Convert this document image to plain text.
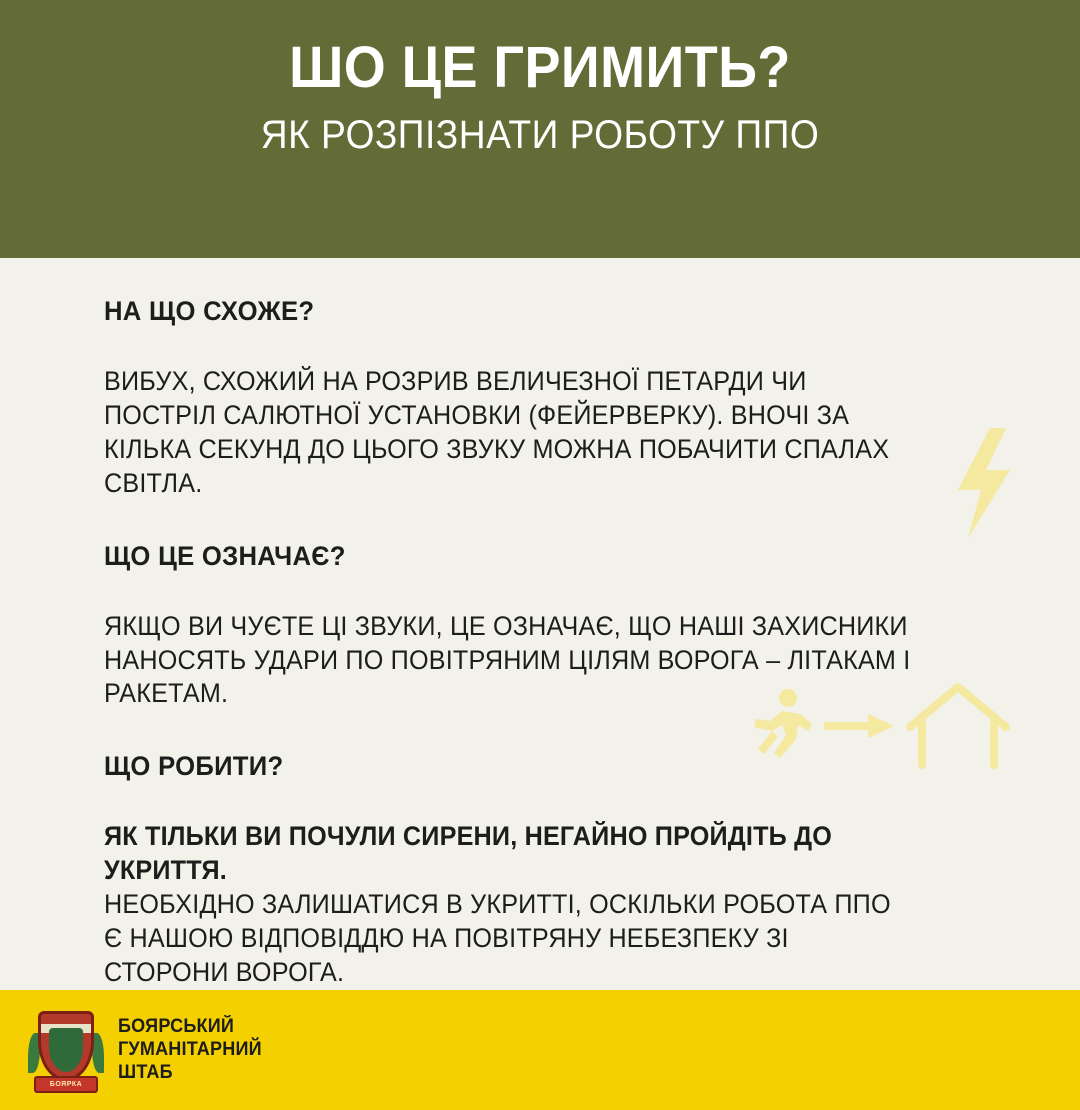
ШО ЦЕ ГРИМИТЬ?
ЯК РОЗПІЗНАТИ РОБОТУ ППО
НА ЩО СХОЖЕ?
ВИБУХ, СХОЖИЙ НА РОЗРИВ ВЕЛИЧЕЗНОЇ ПЕТАРДИ ЧИ ПОСТРІЛ САЛЮТНОЇ УСТАНОВКИ (ФЕЙЕРВЕРКУ). ВНОЧІ ЗА КІЛЬКА СЕКУНД ДО ЦЬОГО ЗВУКУ МОЖНА ПОБАЧИТИ СПАЛАХ СВІТЛА.
ЩО ЦЕ ОЗНАЧАЄ?
ЯКЩО ВИ ЧУЄТЕ ЦІ ЗВУКИ, ЦЕ ОЗНАЧАЄ, ЩО НАШІ ЗАХИСНИКИ НАНОСЯТЬ УДАРИ ПО ПОВІТРЯНИМ ЦІЛЯМ ВОРОГА – ЛІТАКАМ І РАКЕТАМ.
ЩО РОБИТИ?
ЯК ТІЛЬКИ ВИ ПОЧУЛИ СИРЕНИ, НЕГАЙНО ПРОЙДІТЬ ДО УКРИТТЯ.
НЕОБХІДНО ЗАЛИШАТИСЯ В УКРИТТІ, ОСКІЛЬКИ РОБОТА ППО Є НАШОЮ ВІДПОВІДДЮ НА ПОВІТРЯНУ НЕБЕЗПЕКУ ЗІ СТОРОНИ ВОРОГА.
БОЯРКА
БОЯРСЬКИЙ
ГУМАНІТАРНИЙ
ШТАБ
